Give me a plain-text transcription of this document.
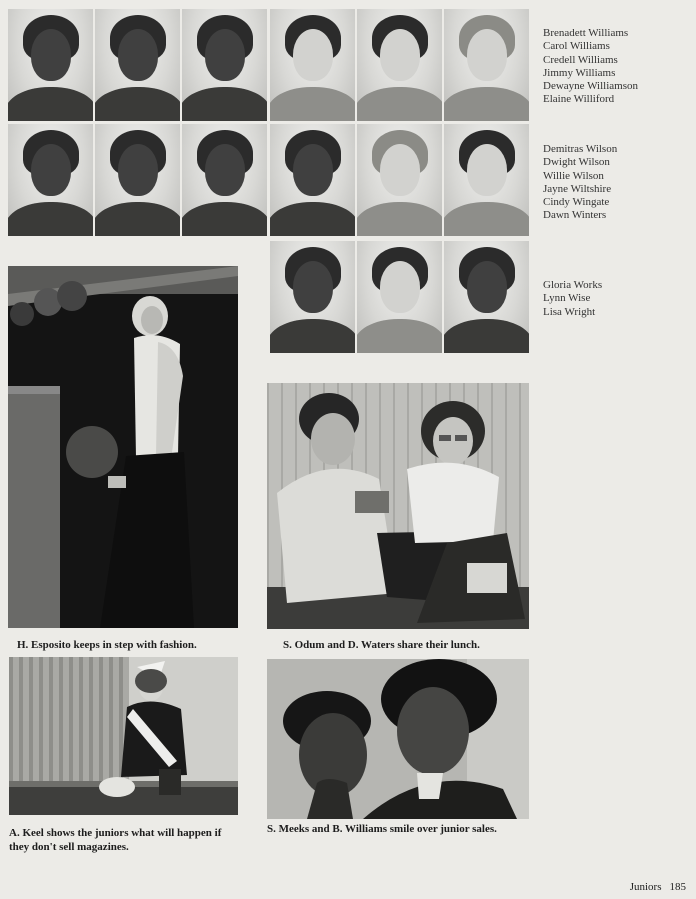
Brenadett Williams
Carol Williams
Credell Williams
Jimmy Williams
Dewayne Williamson
Elaine Williford
Demitras Wilson
Dwight Wilson
Willie Wilson
Jayne Wiltshire
Cindy Wingate
Dawn Winters
Gloria Works
Lynn Wise
Lisa Wright
H. Esposito keeps in step with fashion.	S. Odum and D. Waters share their lunch.
A. Keel shows the juniors what will happen if they don't sell magazines.
S. Meeks and B. Williams smile over junior sales.
Juniors 185
